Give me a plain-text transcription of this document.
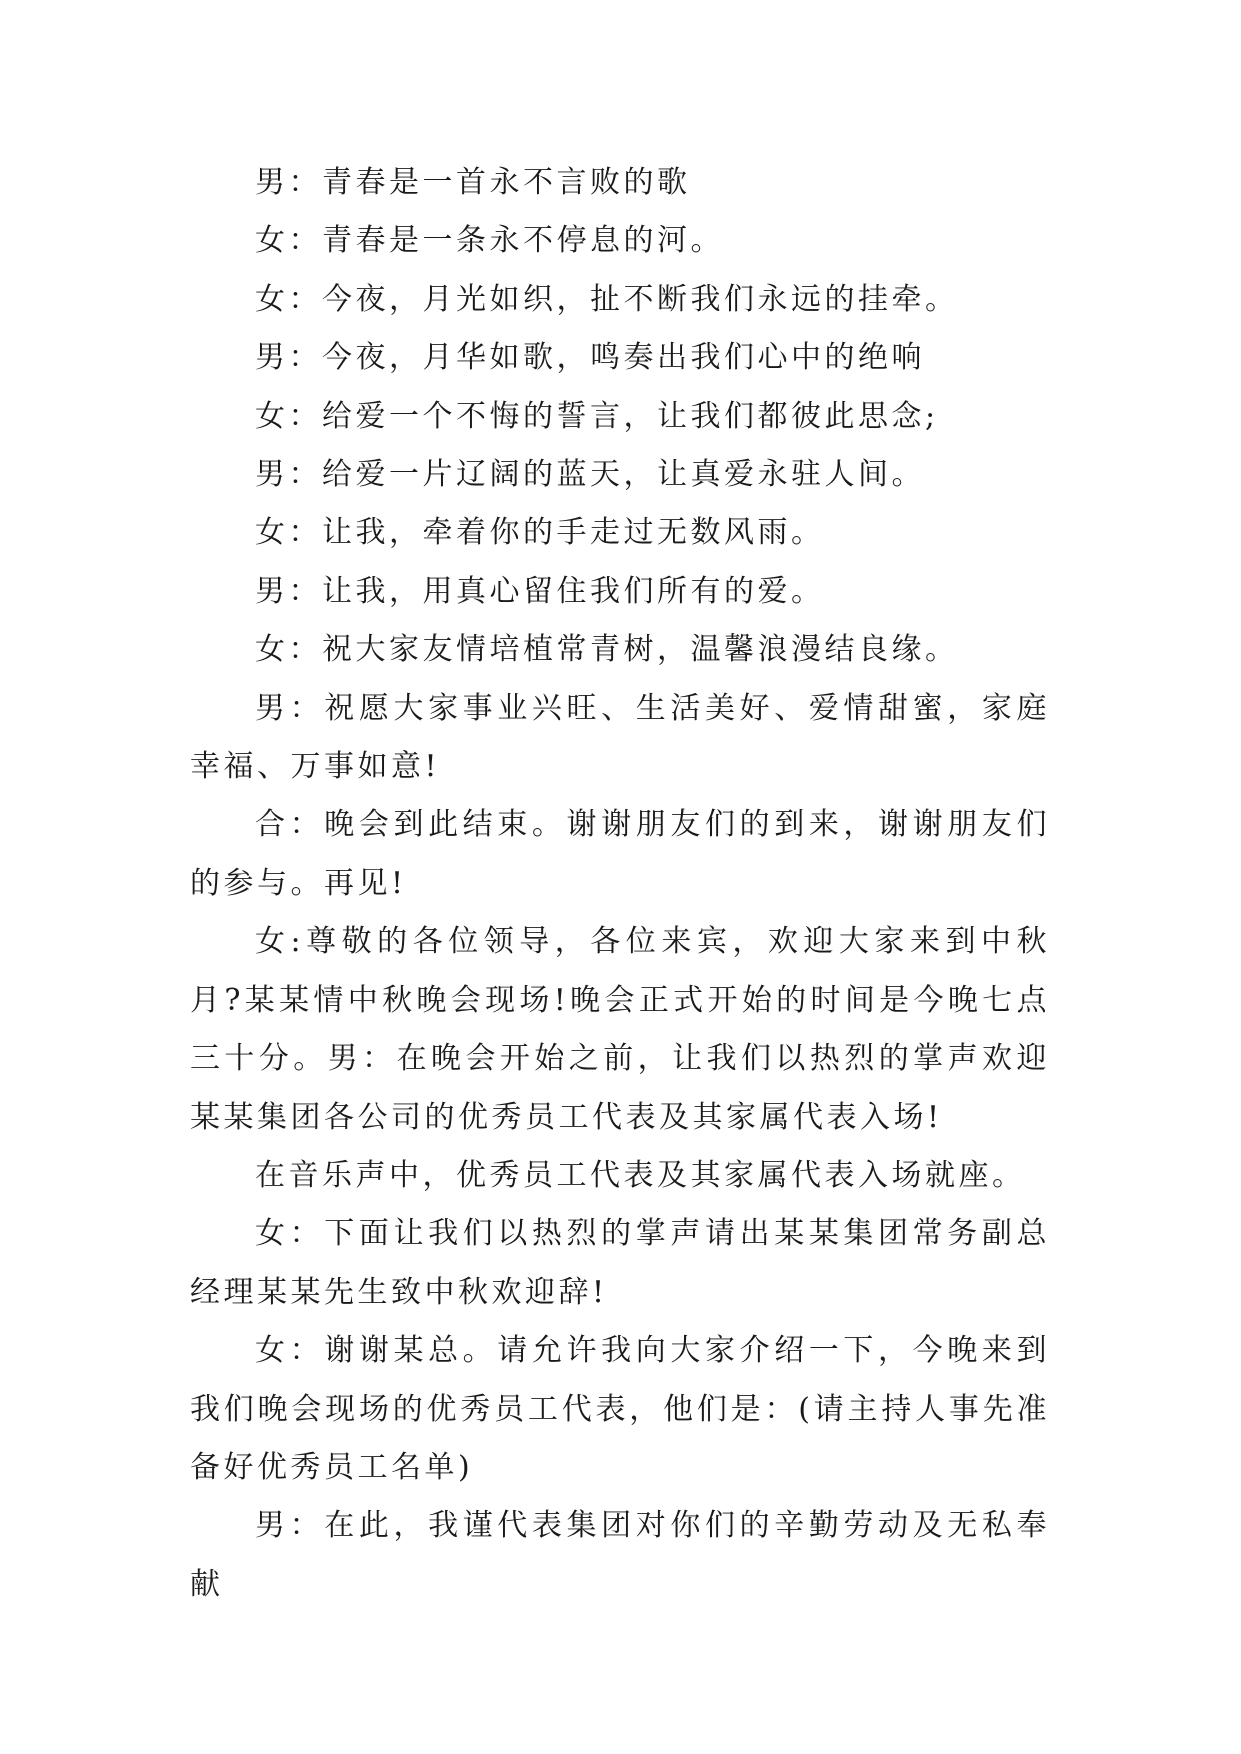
男：青春是一首永不言败的歌

女：青春是一条永不停息的河。

女：今夜，月光如织，扯不断我们永远的挂牵。

男：今夜，月华如歌，鸣奏出我们心中的绝响

女：给爱一个不悔的誓言，让我们都彼此思念;

男：给爱一片辽阔的蓝天，让真爱永驻人间。

女：让我，牵着你的手走过无数风雨。

男：让我，用真心留住我们所有的爱。

女：祝大家友情培植常青树，温馨浪漫结良缘。

男：祝愿大家事业兴旺、生活美好、爱情甜蜜，家庭幸福、万事如意!

合：晚会到此结束。谢谢朋友们的到来，谢谢朋友们的参与。再见!

女:尊敬的各位领导，各位来宾，欢迎大家来到中秋月?某某情中秋晚会现场!晚会正式开始的时间是今晚七点三十分。男：在晚会开始之前，让我们以热烈的掌声欢迎某某集团各公司的优秀员工代表及其家属代表入场!

在音乐声中，优秀员工代表及其家属代表入场就座。

女：下面让我们以热烈的掌声请出某某集团常务副总经理某某先生致中秋欢迎辞!

女：谢谢某总。请允许我向大家介绍一下，今晚来到我们晚会现场的优秀员工代表，他们是：(请主持人事先准备好优秀员工名单)

男：在此，我谨代表集团对你们的辛勤劳动及无私奉献
